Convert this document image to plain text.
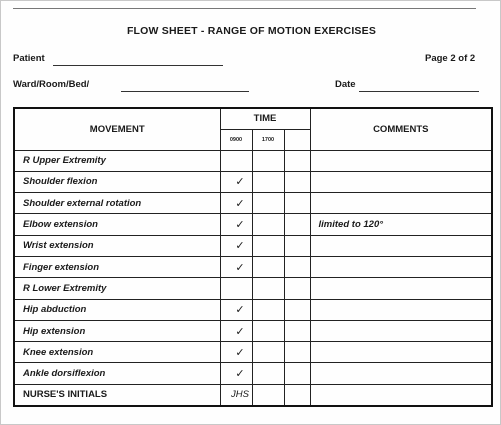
FLOW SHEET - RANGE OF MOTION EXERCISES
Patient	Page 2 of 2
Ward/Room/Bed/	Date
MOVEMENT	TIME			COMMENTS
	0900	1700		
R Upper Extremity				
Shoulder flexion	✓			
Shoulder external rotation	✓			
Elbow extension	✓			limited to 120°
Wrist extension	✓			
Finger extension	✓			
R Lower Extremity				
Hip abduction	✓			
Hip extension	✓			
Knee extension	✓			
Ankle dorsiflexion	✓			
NURSE'S INITIALS	JHS			
